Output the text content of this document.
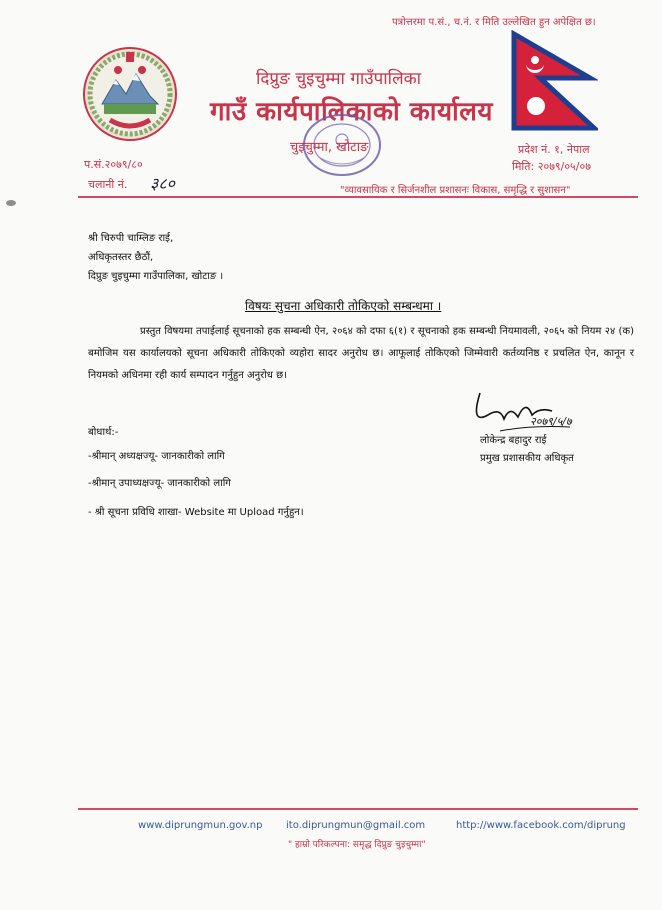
पत्रोत्तरमा प.सं., च.नं. र मिति उल्लेखित हुन अपेक्षित छ।
दिप्रुङ चुइचुम्मा गाउँपालिका
गाउँ कार्यपालिकाको कार्यालय
चुइचुम्मा, खोटाङ
प.सं.२०७९/८०
चलानी नं. ३८०
प्रदेश नं. १, नेपाल
मिति: २०७९/०५/०७
"व्यावसायिक र सिर्जनशील प्रशासनः विकास, समृद्धि र सुशासन"
श्री चिरुपी चाम्लिङ राई,
अधिकृतस्तर छैठौं,
दिप्रुङ चुइचुम्मा गाउँपालिका, खोटाङ ।
विषयः सुचना अधिकारी तोकिएको सम्बन्धमा ।
प्रस्तुत विषयमा तपाईलाई सूचनाको हक सम्बन्धी ऐन, २०६४ को दफा ६(१) र सूचनाको हक सम्बन्धी नियमावली, २०६५ को नियम २४ (क) बमोजिम यस कार्यालयको सूचना अधिकारी तोकिएको व्यहोरा सादर अनुरोध छ। आफूलाई तोकिएको जिम्मेवारी कर्तव्यनिष्ठ र प्रचलित ऐन, कानून र नियमको अधिनमा रही कार्य सम्पादन गर्नुहुन अनुरोध छ।
२०७९/५/७
लोकेन्द्र बहादुर राई
प्रमुख प्रशासकीय अधिकृत
बोधार्थ:-
-श्रीमान् अध्यक्षज्यू- जानकारीको लागि
-श्रीमान् उपाध्यक्षज्यू- जानकारीको लागि
- श्री सूचना प्रविधि शाखा- Website मा Upload गर्नुहुन।
www.diprungmun.gov.np ito.diprungmun@gmail.com	http://www.facebook.com/diprung
" हाम्रो परिकल्पना: समृद्ध दिप्रुङ चुइचुम्मा"
